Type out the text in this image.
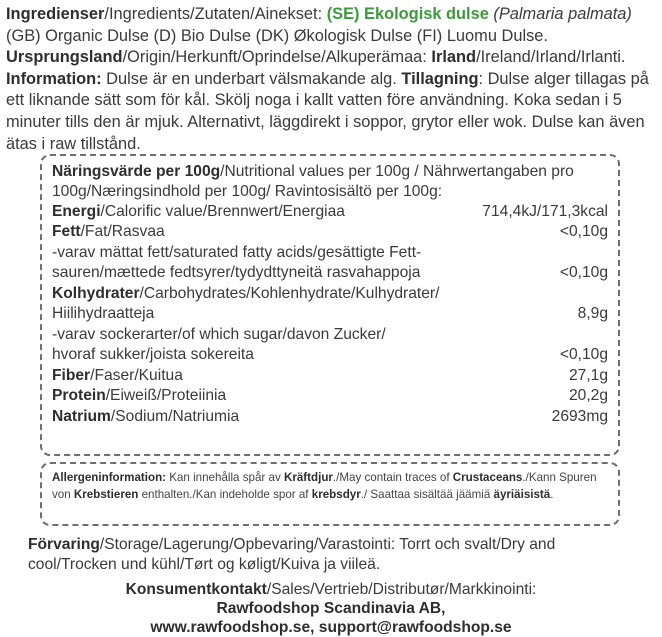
Ingredienser/Ingredients/Zutaten/Ainekset: (SE) Ekologisk dulse (Palmaria palmata) (GB) Organic Dulse (D) Bio Dulse (DK) Økologisk Dulse (FI) Luomu Dulse.
Ursprungsland/Origin/Herkunft/Oprindelse/Alkuperämaa: Irland/Ireland/Irland/Irlanti.
Information: Dulse är en underbart välsmakande alg. Tillagning: Dulse alger tillagas på ett liknande sätt som för kål. Skölj noga i kallt vatten före användning. Koka sedan i 5 minuter tills den är mjuk. Alternativt, läggdirekt i soppor, grytor eller wok. Dulse kan även ätas i raw tillstånd.
Näringsvärde per 100g/Nutritional values per 100g / Nährwertangaben pro 100g/Næringsindhold per 100g/ Ravintosisältö per 100g:
Energi/Calorific value/Brennwert/Energiaa	714,4kJ/171,3kcal
Fett/Fat/Rasvaa	<0,10g
-varav mättat fett/saturated fatty acids/gesättigte Fett-
sauren/mættede fedtsyrer/tydydttyneitä rasvahappoja	<0,10g
Kolhydrater/Carbohydrates/Kohlenhydrate/Kulhydrater/
Hiilihydraatteja	8,9g
-varav sockerarter/of which sugar/davon Zucker/
hvoraf sukker/joista sokereita	<0,10g
Fiber/Faser/Kuitua	27,1g
Protein/Eiweiß/Proteiinia	20,2g
Natrium/Sodium/Natriumia	2693mg
Allergeninformation: Kan innehålla spår av Kräftdjur./May contain traces of Crustaceans./Kann Spuren von Krebstieren enthalten./Kan indeholde spor af krebsdyr./ Saattaa sisältää jäämiä äyriäisistä.
Förvaring/Storage/Lagerung/Opbevaring/Varastointi: Torrt och svalt/Dry and cool/Trocken und kühl/Tørt og køligt/Kuiva ja viileä.
Konsumentkontakt/Sales/Vertrieb/Distributør/Markkinointi:
Rawfoodshop Scandinavia AB,
www.rawfoodshop.se, support@rawfoodshop.se
